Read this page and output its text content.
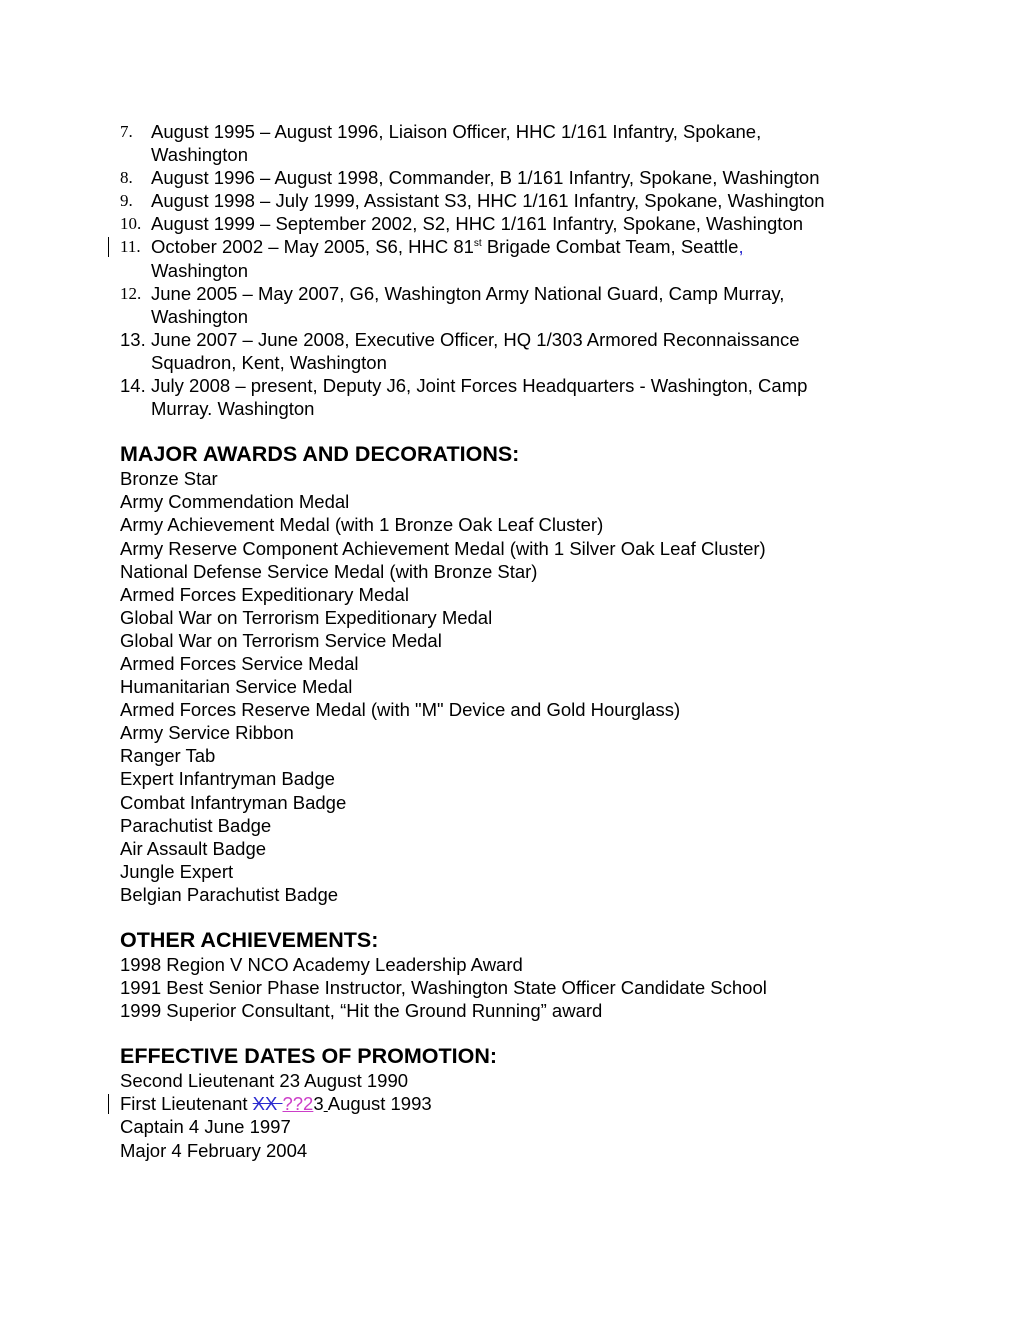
7. August 1995 – August 1996, Liaison Officer, HHC 1/161 Infantry, Spokane,
Washington
8. August 1996 – August 1998, Commander, B 1/161 Infantry, Spokane, Washington
9. August 1998 – July 1999, Assistant S3, HHC 1/161 Infantry, Spokane, Washington
10. August 1999 – September 2002, S2, HHC 1/161 Infantry, Spokane, Washington
11. October 2002 – May 2005, S6, HHC 81st Brigade Combat Team, Seattle,
Washington
12. June 2005 – May 2007, G6, Washington Army National Guard, Camp Murray,
Washington
13. June 2007 – June 2008, Executive Officer, HQ 1/303 Armored Reconnaissance
Squadron, Kent, Washington
14. July 2008 – present, Deputy J6, Joint Forces Headquarters - Washington, Camp
Murray. Washington
MAJOR AWARDS AND DECORATIONS:
Bronze Star
Army Commendation Medal
Army Achievement Medal (with 1 Bronze Oak Leaf Cluster)
Army Reserve Component Achievement Medal (with 1 Silver Oak Leaf Cluster)
National Defense Service Medal (with Bronze Star)
Armed Forces Expeditionary Medal
Global War on Terrorism Expeditionary Medal
Global War on Terrorism Service Medal
Armed Forces Service Medal
Humanitarian Service Medal
Armed Forces Reserve Medal (with "M" Device and Gold Hourglass)
Army Service Ribbon
Ranger Tab
Expert Infantryman Badge
Combat Infantryman Badge
Parachutist Badge
Air Assault Badge
Jungle Expert
Belgian Parachutist Badge
OTHER ACHIEVEMENTS:
1998 Region V NCO Academy Leadership Award
1991 Best Senior Phase Instructor, Washington State Officer Candidate School
1999 Superior Consultant, “Hit the Ground Running” award
EFFECTIVE DATES OF PROMOTION:
Second Lieutenant 23 August 1990
First Lieutenant XX ??23 August 1993
Captain 4 June 1997
Major 4 February 2004
